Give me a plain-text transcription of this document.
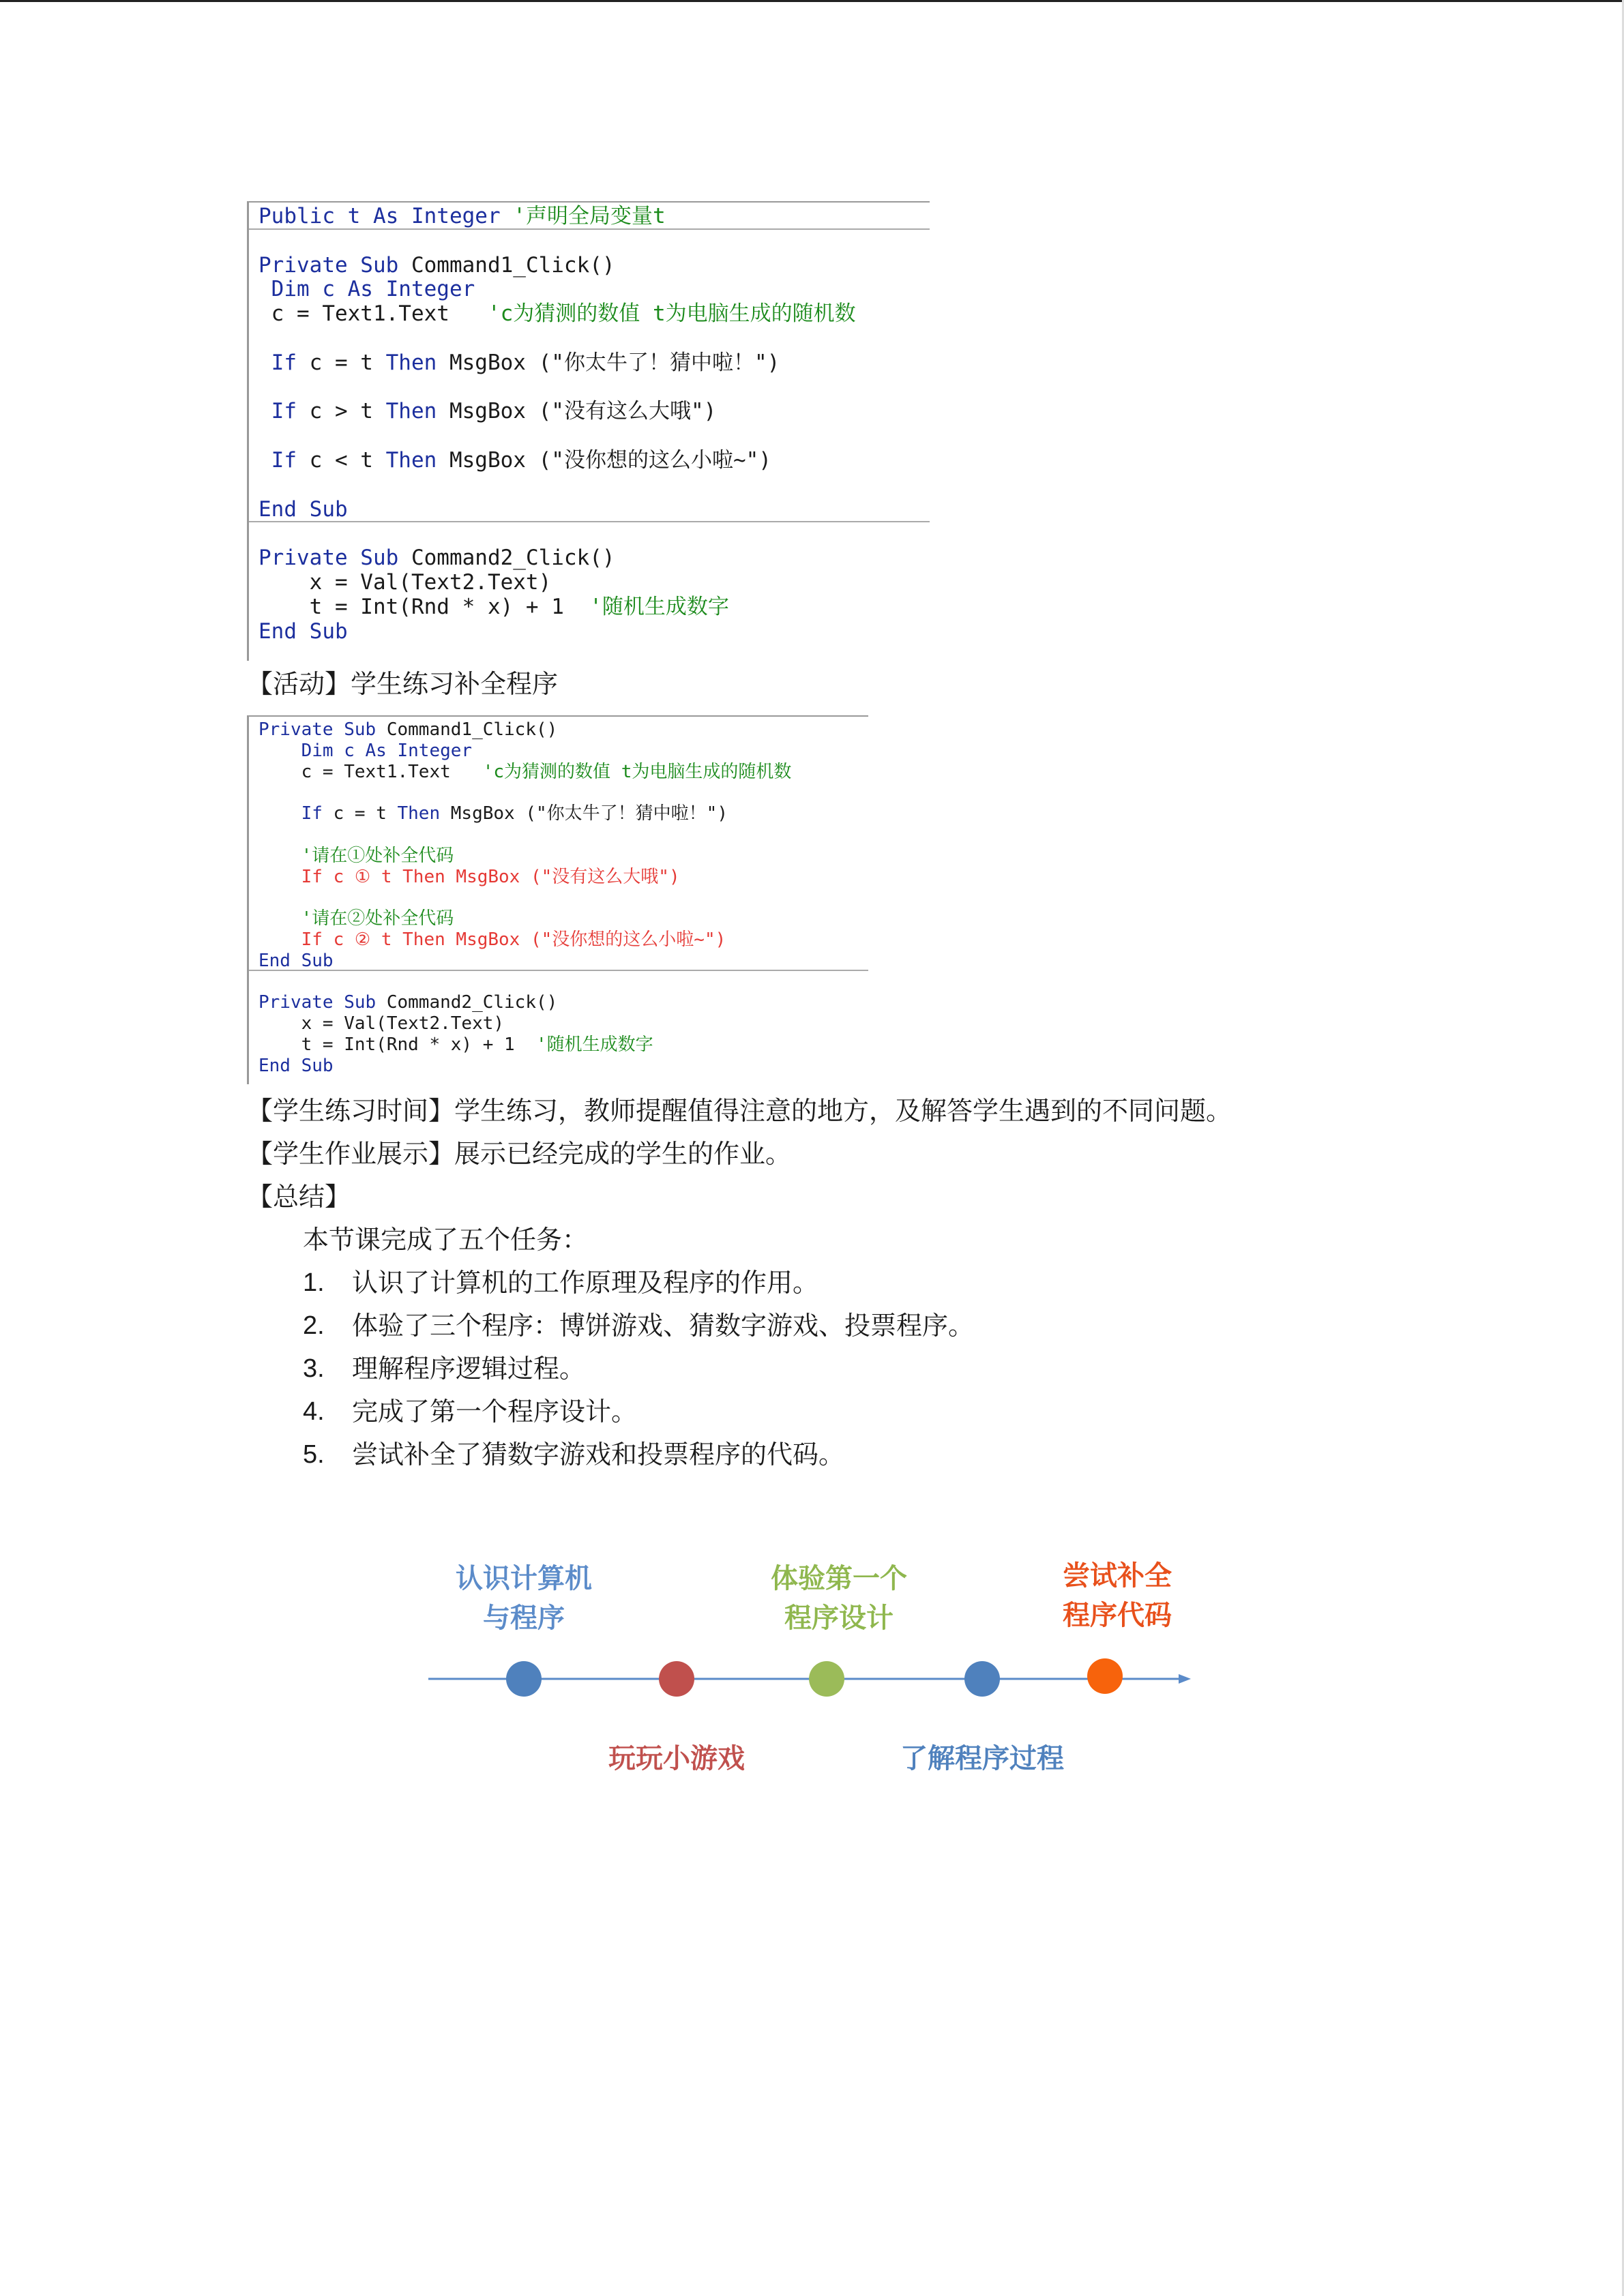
Public t As Integer '声明全局变量t
Private Sub Command1_Click()
Dim c As Integer
c = Text1.Text   'c为猜测的数值 t为电脑生成的随机数
If c = t Then MsgBox ("你太牛了！猜中啦！")
If c > t Then MsgBox ("没有这么大哦")
If c < t Then MsgBox ("没你想的这么小啦~")
End Sub
Private Sub Command2_Click()
x = Val(Text2.Text)
t = Int(Rnd * x) + 1  '随机生成数字
End Sub
【活动】学生练习补全程序

Private Sub Command1_Click()
Dim c As Integer
c = Text1.Text   'c为猜测的数值 t为电脑生成的随机数
If c = t Then MsgBox ("你太牛了！猜中啦！")
'请在①处补全代码
If c ① t Then MsgBox ("没有这么大哦")
'请在②处补全代码
If c ② t Then MsgBox ("没你想的这么小啦~")
End Sub
Private Sub Command2_Click()
x = Val(Text2.Text)
t = Int(Rnd * x) + 1  '随机生成数字
End Sub
【学生练习时间】学生练习，教师提醒值得注意的地方，及解答学生遇到的不同问题。
【学生作业展示】展示已经完成的学生的作业。
【总结】
本节课完成了五个任务：
1. 认识了计算机的工作原理及程序的作用。
2. 体验了三个程序：博饼游戏、猜数字游戏、投票程序。
3. 理解程序逻辑过程。
4. 完成了第一个程序设计。
5. 尝试补全了猜数字游戏和投票程序的代码。
认识计算机
与程序
玩玩小游戏
体验第一个
程序设计
了解程序过程
尝试补全
程序代码
